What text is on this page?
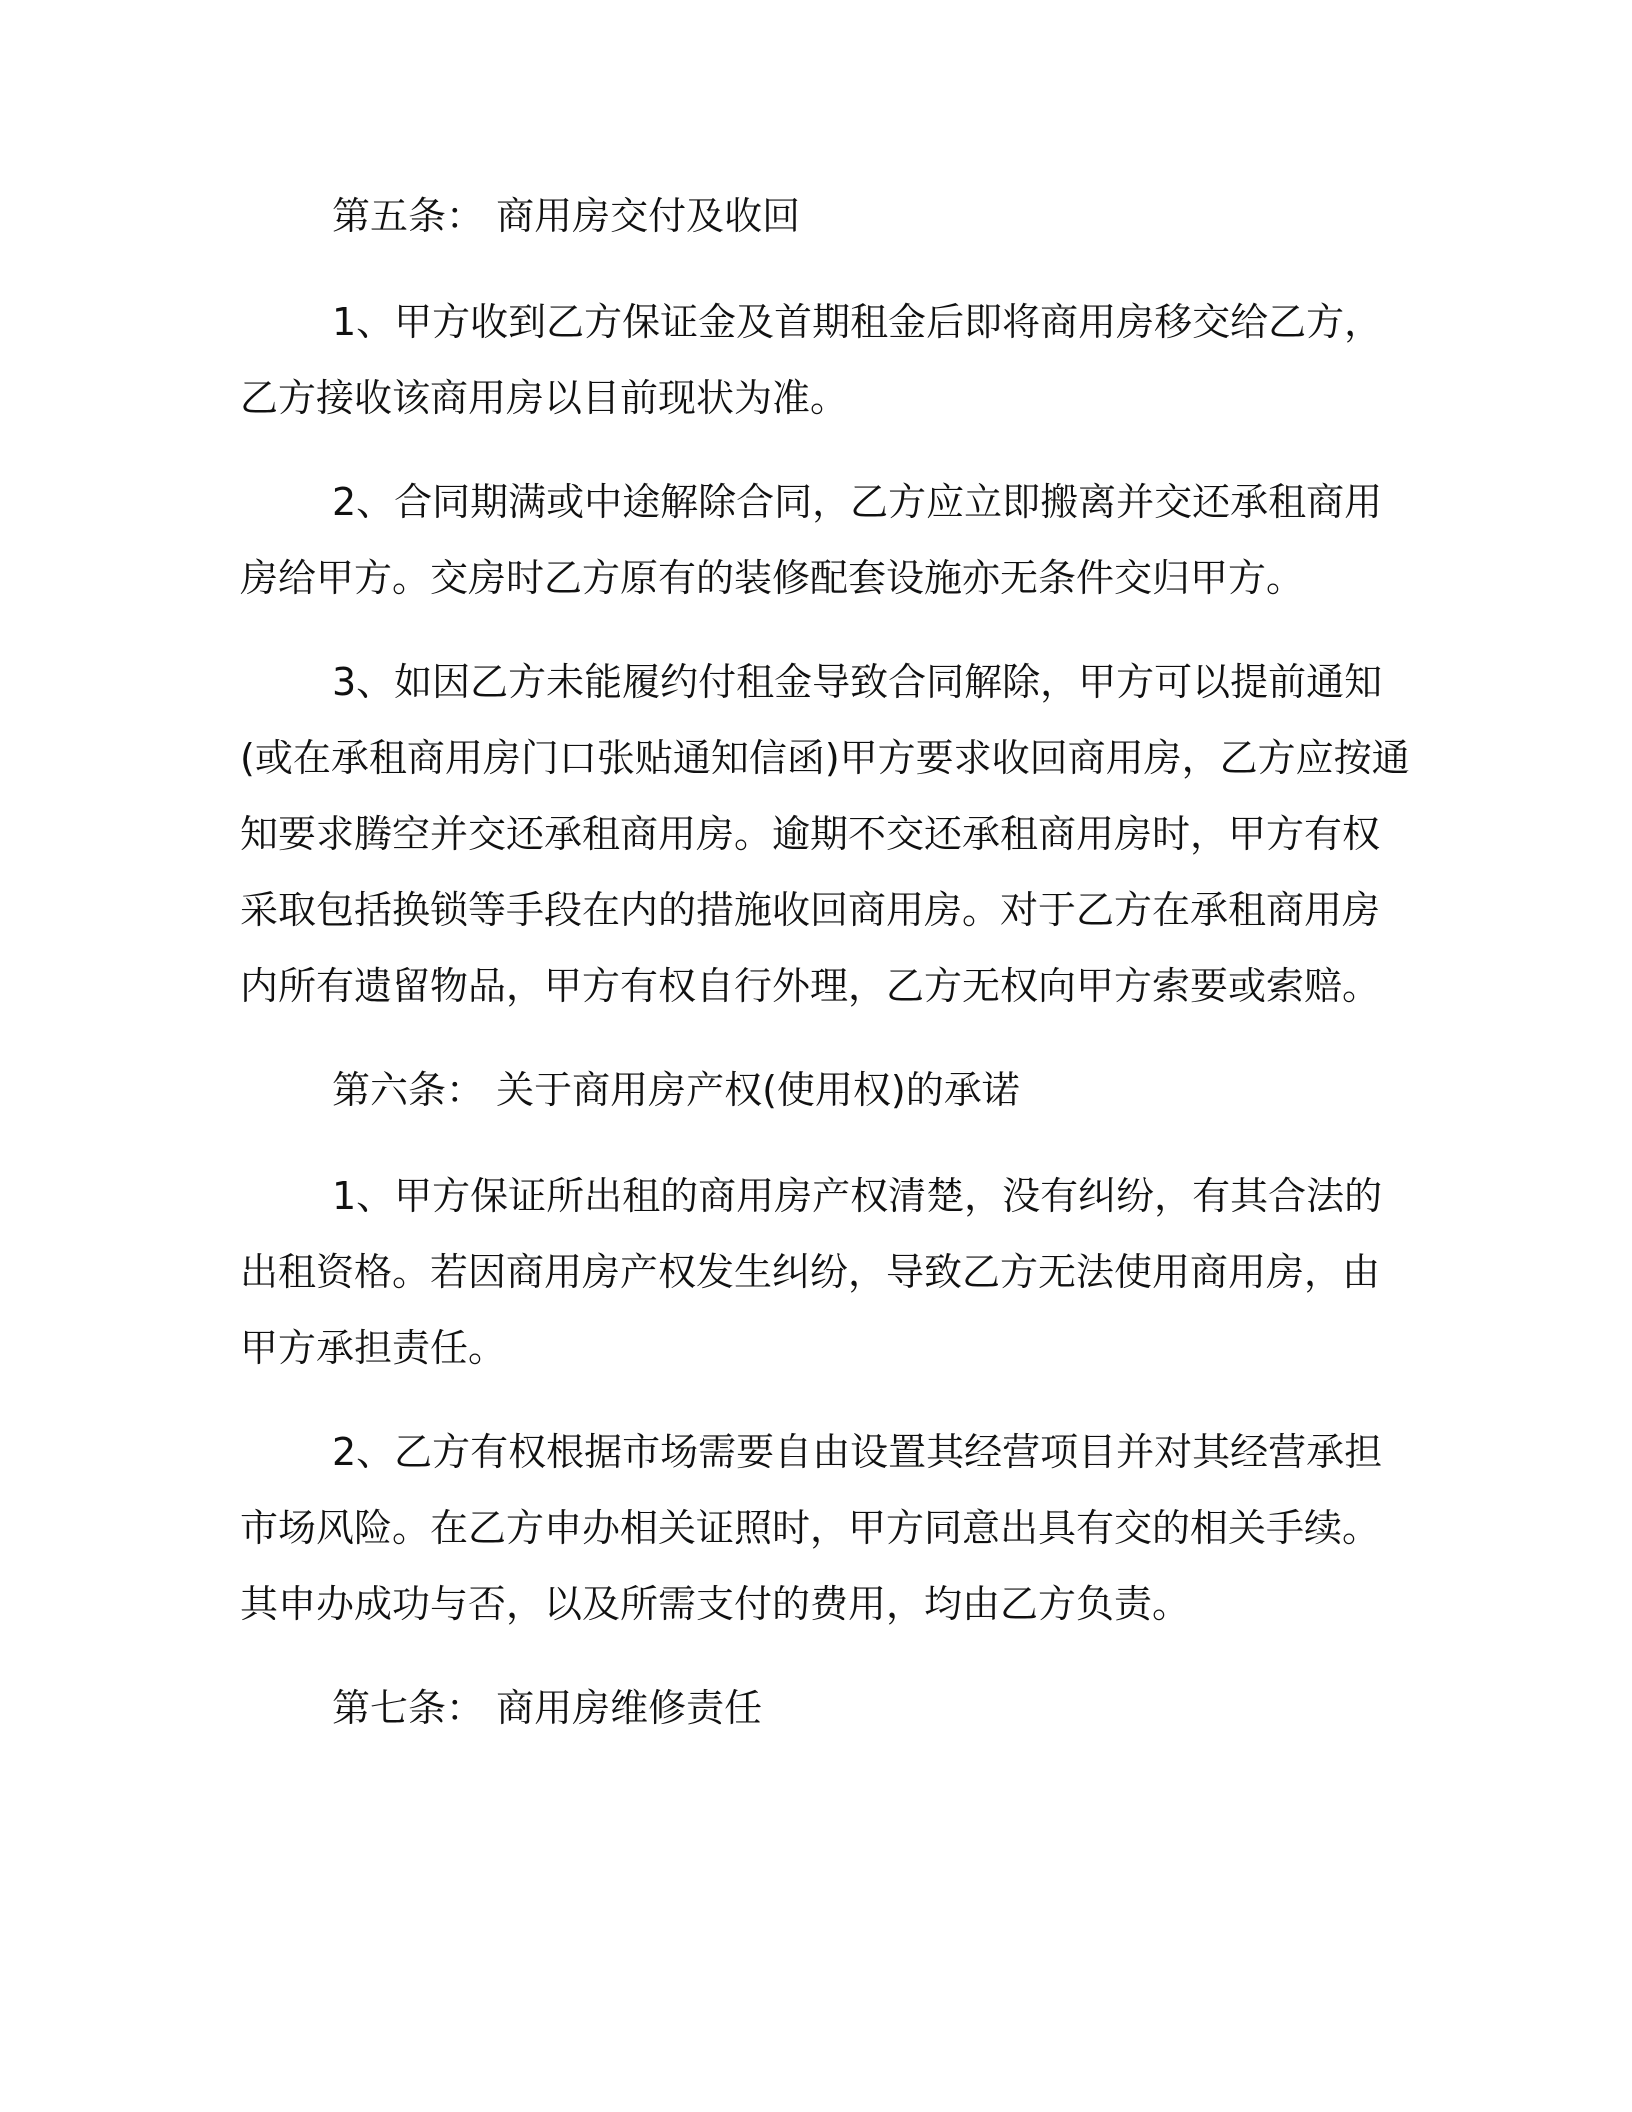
第五条： 商用房交付及收回
1、甲方收到乙方保证金及首期租金后即将商用房移交给乙方，
乙方接收该商用房以目前现状为准。
2、合同期满或中途解除合同，乙方应立即搬离并交还承租商用
房给甲方。交房时乙方原有的装修配套设施亦无条件交归甲方。
3、如因乙方未能履约付租金导致合同解除，甲方可以提前通知
(或在承租商用房门口张贴通知信函)甲方要求收回商用房，乙方应按通
知要求腾空并交还承租商用房。逾期不交还承租商用房时，甲方有权
采取包括换锁等手段在内的措施收回商用房。对于乙方在承租商用房
内所有遗留物品，甲方有权自行外理，乙方无权向甲方索要或索赔。
第六条： 关于商用房产权(使用权)的承诺
1、甲方保证所出租的商用房产权清楚，没有纠纷，有其合法的
出租资格。若因商用房产权发生纠纷，导致乙方无法使用商用房，由
甲方承担责任。
2、乙方有权根据市场需要自由设置其经营项目并对其经营承担
市场风险。在乙方申办相关证照时，甲方同意出具有交的相关手续。
其申办成功与否，以及所需支付的费用，均由乙方负责。
第七条： 商用房维修责任
